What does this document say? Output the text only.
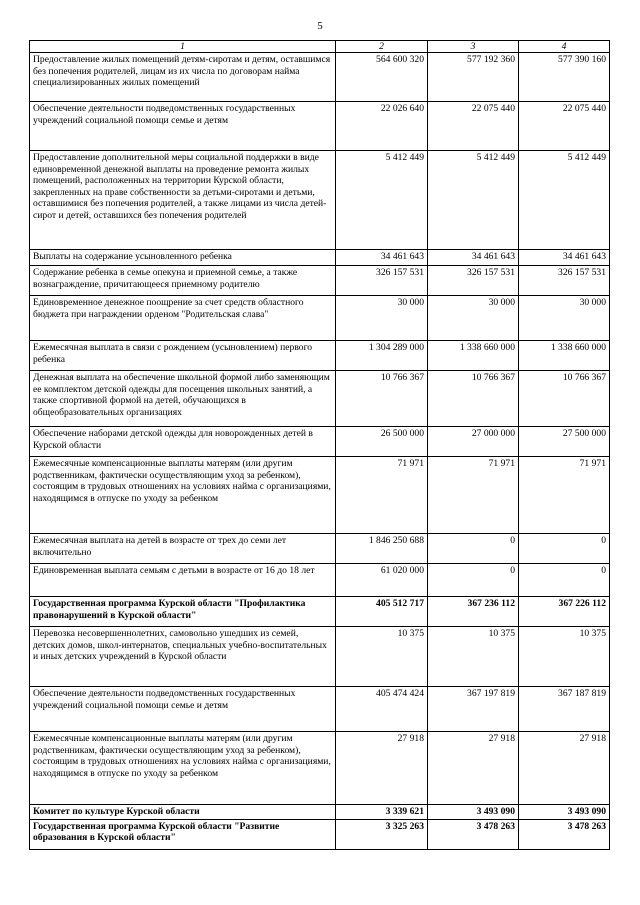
5
1	2	3	4
Предоставление жилых помещений детям-сиротам и детям, оставшимся без попечения родителей, лицам из их числа по договорам найма специализированных жилых помещений	564 600 320	577 192 360	577 390 160
Обеспечение деятельности подведомственных государственных учреждений социальной помощи семье и детям	22 026 640	22 075 440	22 075 440
Предоставление дополнительной меры социальной поддержки в виде единовременной денежной выплаты на проведение ремонта жилых помещений, расположенных на территории Курской области, закрепленных на праве собственности за детьми-сиротами и детьми, оставшимися без попечения родителей, а также лицами из числа детей-сирот и детей, оставшихся без попечения родителей	5 412 449	5 412 449	5 412 449
Выплаты на содержание усыновленного ребенка	34 461 643	34 461 643	34 461 643
Содержание ребенка в семье опекуна и приемной семье, а также вознаграждение, причитающееся приемному родителю	326 157 531	326 157 531	326 157 531
Единовременное денежное поощрение за счет средств областного бюджета при награждении орденом "Родительская слава"	30 000	30 000	30 000
Ежемесячная выплата в связи с рождением (усыновлением) первого ребенка	1 304 289 000	1 338 660 000	1 338 660 000
Денежная выплата на обеспечение школьной формой либо заменяющим ее комплектом детской одежды для посещения школьных занятий, а также спортивной формой на детей, обучающихся в общеобразовательных организациях	10 766 367	10 766 367	10 766 367
Обеспечение наборами детской одежды для новорожденных детей в Курской области	26 500 000	27 000 000	27 500 000
Ежемесячные компенсационные выплаты матерям (или другим родственникам, фактически осуществляющим уход за ребенком), состоящим в трудовых отношениях на условиях найма с организациями, находящимся в отпуске по уходу за ребенком	71 971	71 971	71 971
Ежемесячная выплата на детей в возрасте от трех до семи лет включительно	1 846 250 688	0	0
Единовременная выплата семьям с детьми в возрасте от 16 до 18 лет	61 020 000	0	0
Государственная программа Курской области "Профилактика правонарушений в Курской области"	405 512 717	367 236 112	367 226 112
Перевозка несовершеннолетних, самовольно ушедших из семей, детских домов, школ-интернатов, специальных учебно-воспитательных и иных детских учреждений в Курской области	10 375	10 375	10 375
Обеспечение деятельности подведомственных государственных учреждений социальной помощи семье и детям	405 474 424	367 197 819	367 187 819
Ежемесячные компенсационные выплаты матерям (или другим родственникам, фактически осуществляющим уход за ребенком), состоящим в трудовых отношениях на условиях найма с организациями, находящимся в отпуске по уходу за ребенком	27 918	27 918	27 918
Комитет по культуре Курской области	3 339 621	3 493 090	3 493 090
Государственная программа Курской области "Развитие образования в Курской области"	3 325 263	3 478 263	3 478 263
